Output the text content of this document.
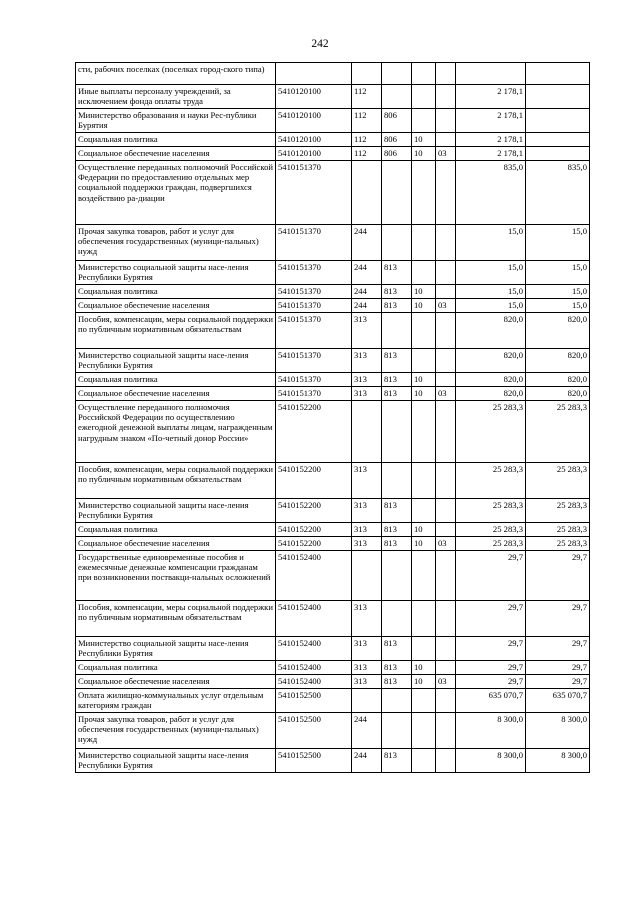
242
сти, рабочих поселках (поселках город-ского типа)							
Иные выплаты персоналу учреждений, за исключением фонда оплаты труда	5410120100	112				2 178,1	
Министерство образования и науки Рес-публики Бурятия	5410120100	112	806			2 178,1	
Социальная политика	5410120100	112	806	10		2 178,1	
Социальное обеспечение населения	5410120100	112	806	10	03	2 178,1	
Осуществление переданных полномочий Российской Федерации по предоставлению отдельных мер социальной поддержки граждан, подвергшихся воздействию ра-диации	5410151370					835,0	835,0
Прочая закупка товаров, работ и услуг для обеспечения государственных (муници-пальных) нужд	5410151370	244				15,0	15,0
Министерство социальной защиты насе-ления Республики Бурятия	5410151370	244	813			15,0	15,0
Социальная политика	5410151370	244	813	10		15,0	15,0
Социальное обеспечение населения	5410151370	244	813	10	03	15,0	15,0
Пособия, компенсации, меры социальной поддержки по публичным нормативным обязательствам	5410151370	313				820,0	820,0
Министерство социальной защиты насе-ления Республики Бурятия	5410151370	313	813			820,0	820,0
Социальная политика	5410151370	313	813	10		820,0	820,0
Социальное обеспечение населения	5410151370	313	813	10	03	820,0	820,0
Осуществление переданного полномочия Российской Федерации по осуществлению ежегодной денежной выплаты лицам, награжденным нагрудным знаком «По-четный донор России»	5410152200					25 283,3	25 283,3
Пособия, компенсации, меры социальной поддержки по публичным нормативным обязательствам	5410152200	313				25 283,3	25 283,3
Министерство социальной защиты насе-ления Республики Бурятия	5410152200	313	813			25 283,3	25 283,3
Социальная политика	5410152200	313	813	10		25 283,3	25 283,3
Социальное обеспечение населения	5410152200	313	813	10	03	25 283,3	25 283,3
Государственные единовременные пособия и ежемесячные денежные компенсации гражданам при возникновении поствакци-нальных осложнений	5410152400					29,7	29,7
Пособия, компенсации, меры социальной поддержки по публичным нормативным обязательствам	5410152400	313				29,7	29,7
Министерство социальной защиты насе-ления Республики Бурятия	5410152400	313	813			29,7	29,7
Социальная политика	5410152400	313	813	10		29,7	29,7
Социальное обеспечение населения	5410152400	313	813	10	03	29,7	29,7
Оплата жилищно-коммунальных услуг отдельным категориям граждан	5410152500					635 070,7	635 070,7
Прочая закупка товаров, работ и услуг для обеспечения государственных (муници-пальных) нужд	5410152500	244				8 300,0	8 300,0
Министерство социальной защиты насе-ления Республики Бурятия	5410152500	244	813			8 300,0	8 300,0
